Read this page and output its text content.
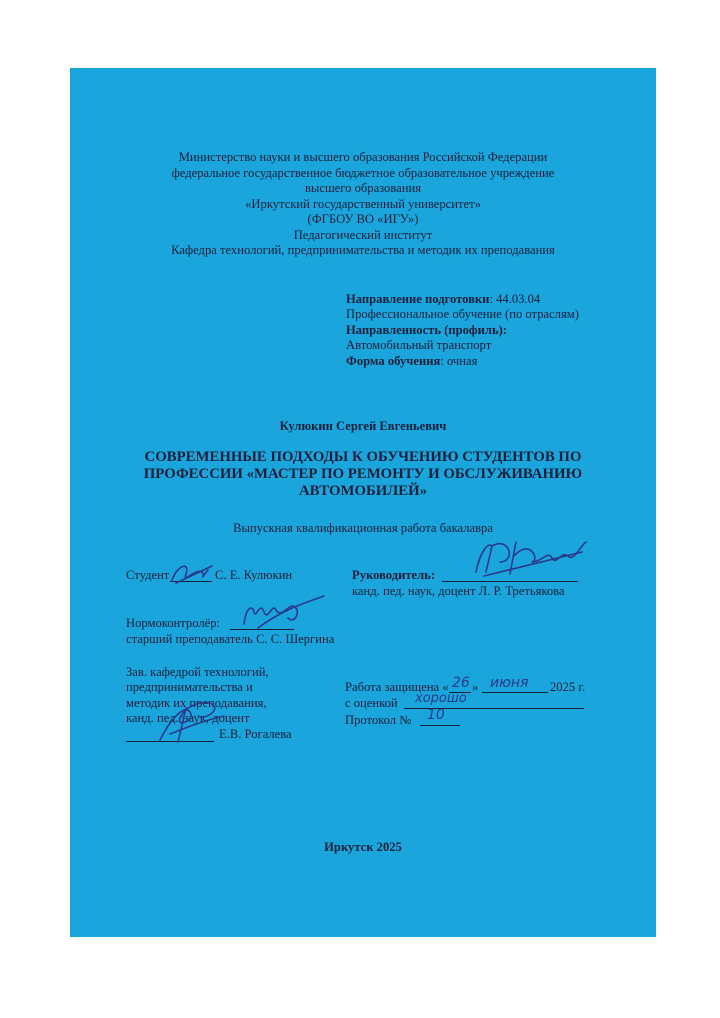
Министерство науки и высшего образования Российской Федерации
федеральное государственное бюджетное образовательное учреждение
высшего образования
«Иркутский государственный университет»
(ФГБОУ ВО «ИГУ»)
Педагогический институт
Кафедра технологий, предпринимательства и методик их преподавания
Направление подготовки: 44.03.04
Профессиональное обучение (по отраслям)
Направленность (профиль):
Автомобильный транспорт
Форма обучения: очная
Кулюкин Сергей Евгеньевич
СОВРЕМЕННЫЕ ПОДХОДЫ К ОБУЧЕНИЮ СТУДЕНТОВ ПО ПРОФЕССИИ «МАСТЕР ПО РЕМОНТУ И ОБСЛУЖИВАНИЮ АВТОМОБИЛЕЙ»
Выпускная квалификационная работа бакалавра
Студент	С. Е. Кулюкин	Руководитель:
канд. пед. наук, доцент Л. Р. Третьякова
Нормоконтролёр:
старший преподаватель С. С. Шергина
Зав. кафедрой технологий,
предпринимательства и
методик их преподавания,
канд. пед. наук, доцент
Е.В. Рогалева
Работа защищена « 26 » июня 2025 г.
с оценкой хорошо
Протокол № 10
Иркутск 2025
